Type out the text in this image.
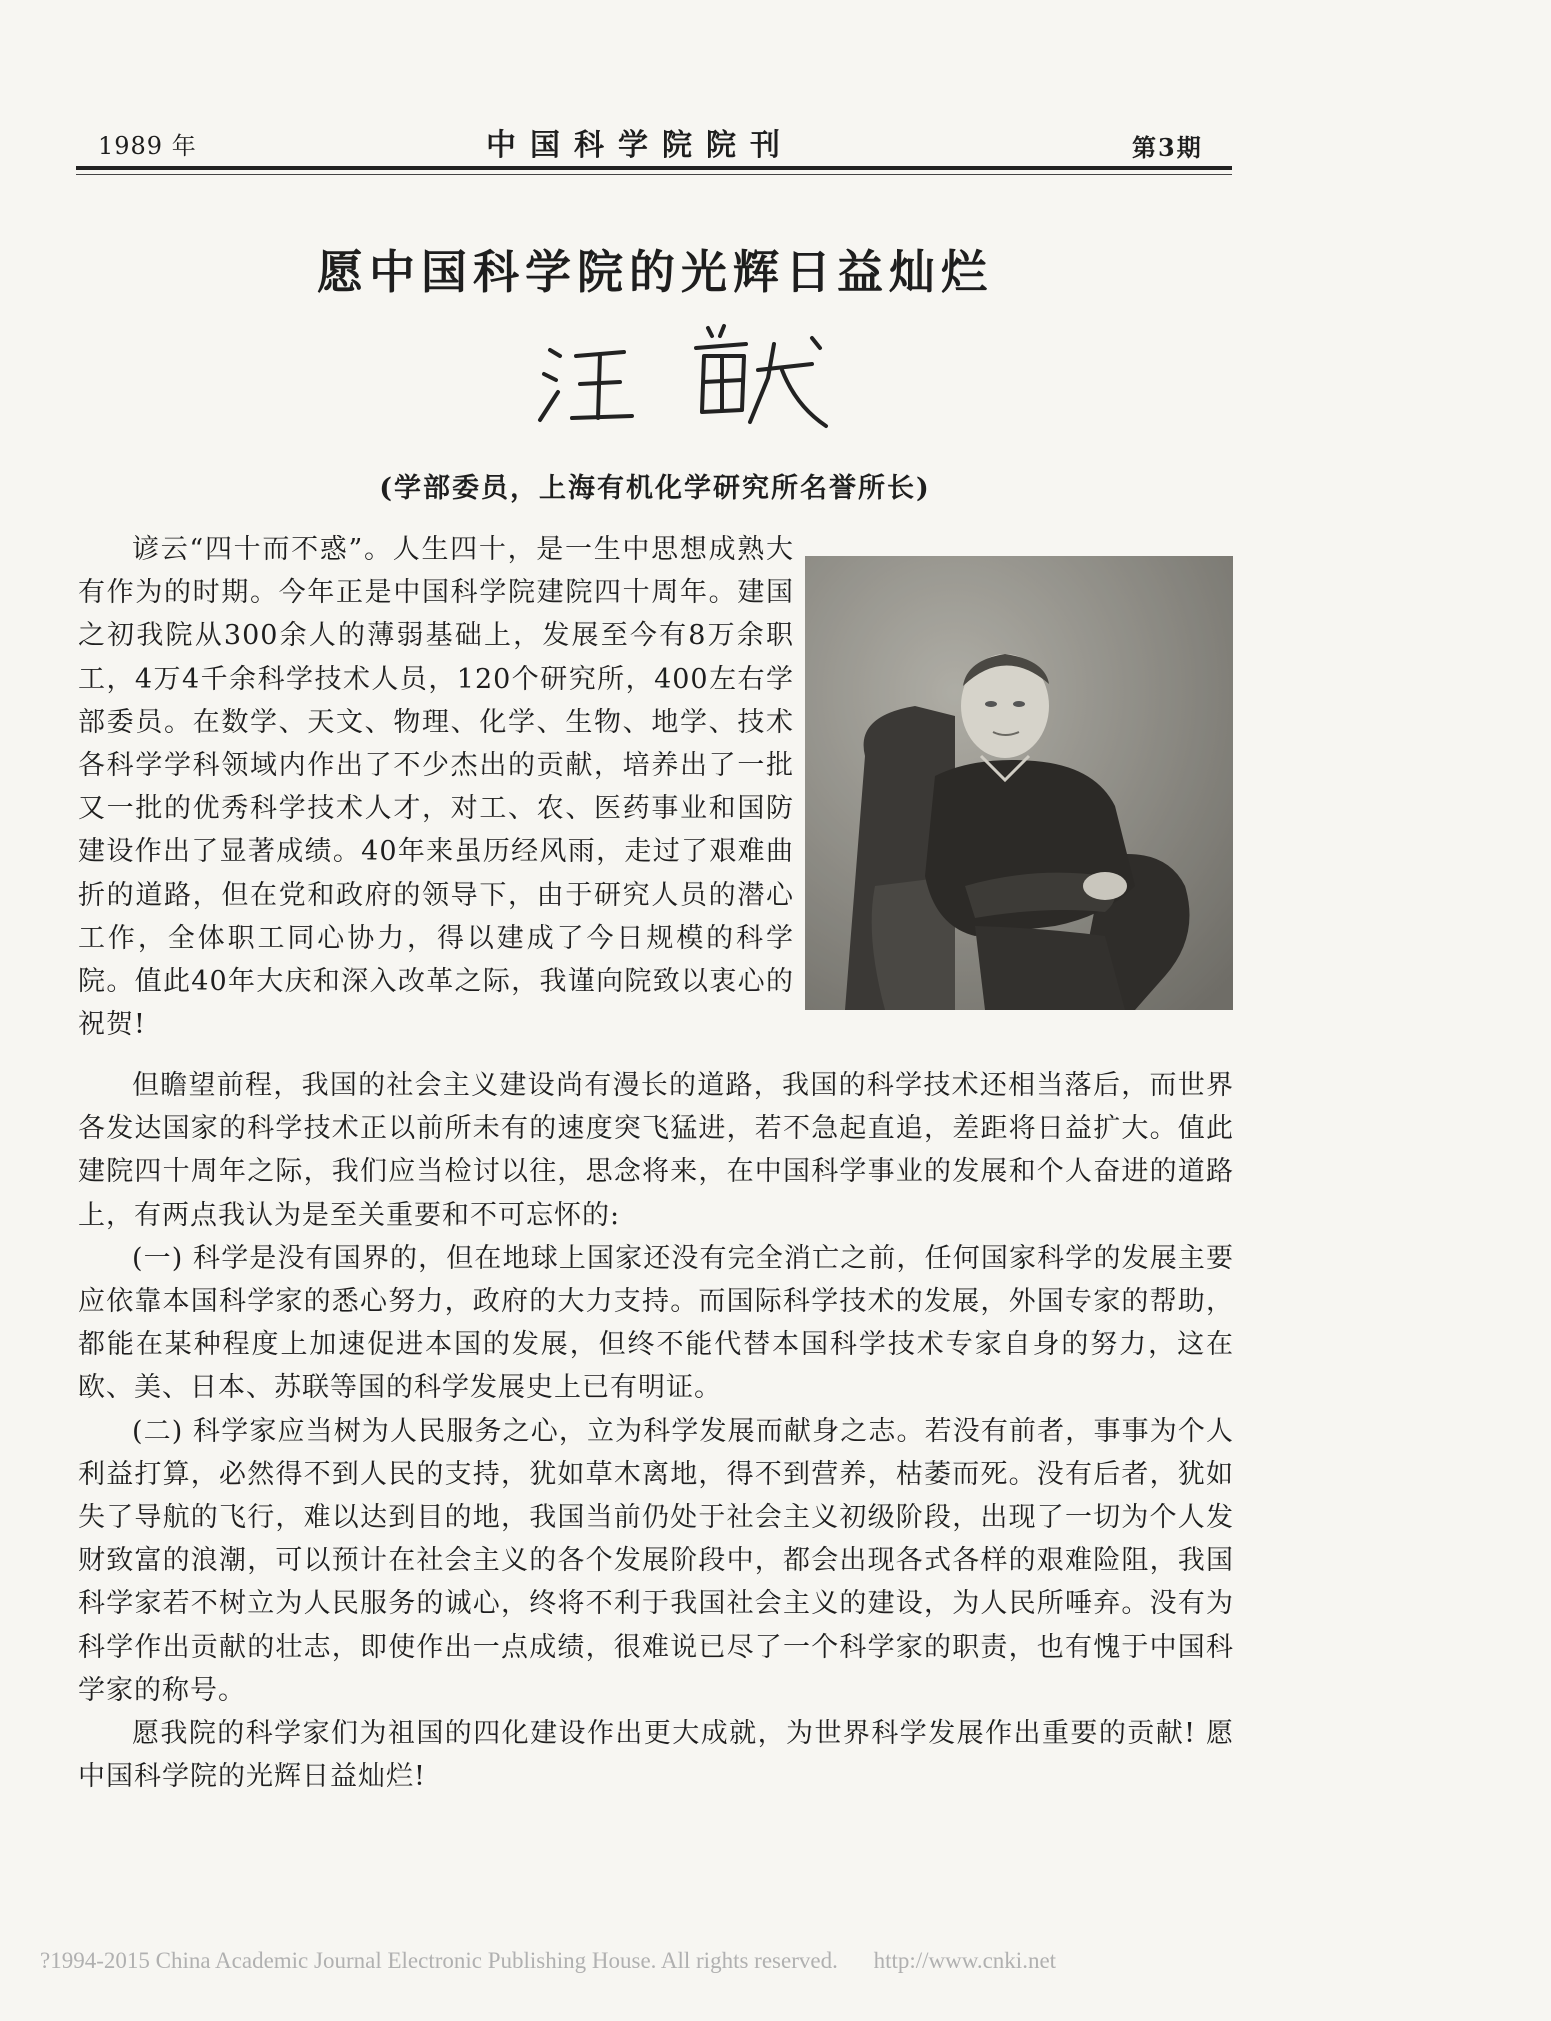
1989 年	中国科学院院刊	第3期
愿中国科学院的光辉日益灿烂
(学部委员，上海有机化学研究所名誉所长)
谚云“四十而不惑”。人生四十，是一生中思想成熟大有作为的时期。今年正是中国科学院建院四十周年。建国之初我院从300余人的薄弱基础上，发展至今有8万余职工，4万4千余科学技术人员，120个研究所，400左右学部委员。在数学、天文、物理、化学、生物、地学、技术各科学学科领域内作出了不少杰出的贡献，培养出了一批又一批的优秀科学技术人才，对工、农、医药事业和国防建设作出了显著成绩。40年来虽历经风雨，走过了艰难曲折的道路，但在党和政府的领导下，由于研究人员的潜心工作，全体职工同心协力，得以建成了今日规模的科学院。值此40年大庆和深入改革之际，我谨向院致以衷心的祝贺!

但瞻望前程，我国的社会主义建设尚有漫长的道路，我国的科学技术还相当落后，而世界各发达国家的科学技术正以前所未有的速度突飞猛进，若不急起直追，差距将日益扩大。值此建院四十周年之际，我们应当检讨以往，思念将来，在中国科学事业的发展和个人奋进的道路上，有两点我认为是至关重要和不可忘怀的:

(一) 科学是没有国界的，但在地球上国家还没有完全消亡之前，任何国家科学的发展主要应依靠本国科学家的悉心努力，政府的大力支持。而国际科学技术的发展，外国专家的帮助，都能在某种程度上加速促进本国的发展，但终不能代替本国科学技术专家自身的努力，这在欧、美、日本、苏联等国的科学发展史上已有明证。

(二) 科学家应当树为人民服务之心，立为科学发展而献身之志。若没有前者，事事为个人利益打算，必然得不到人民的支持，犹如草木离地，得不到营养，枯萎而死。没有后者，犹如失了导航的飞行，难以达到目的地，我国当前仍处于社会主义初级阶段，出现了一切为个人发财致富的浪潮，可以预计在社会主义的各个发展阶段中，都会出现各式各样的艰难险阻，我国科学家若不树立为人民服务的诚心，终将不利于我国社会主义的建设，为人民所唾弃。没有为科学作出贡献的壮志，即使作出一点成绩，很难说已尽了一个科学家的职责，也有愧于中国科学家的称号。

愿我院的科学家们为祖国的四化建设作出更大成就，为世界科学发展作出重要的贡献! 愿中国科学院的光辉日益灿烂!

?1994-2015 China Academic Journal Electronic Publishing House. All rights reserved. http://www.cnki.net
